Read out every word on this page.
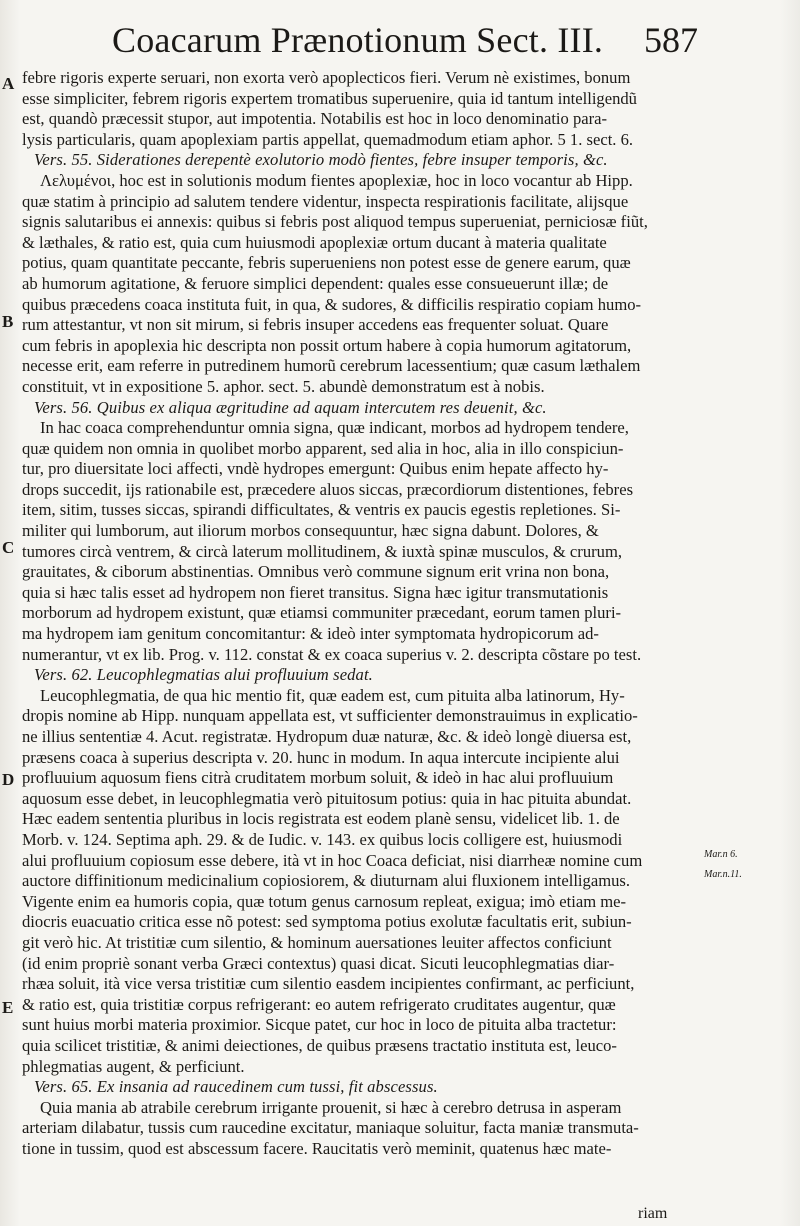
Coacarum Prænotionum Sect. III. 587
A
B
C
D
E
Mar.n 6.
Mar.n.11.
febre rigoris experte seruari, non exorta verò apoplecticos fieri. Verum nè existimes, bonum
esse simpliciter, febrem rigoris expertem tromatibus superuenire, quia id tantum intelligendũ
est, quandò præcessit stupor, aut impotentia. Notabilis est hoc in loco denominatio para-
lysis particularis, quam apoplexiam partis appellat, quemadmodum etiam aphor. 5 1. sect. 6.
Vers. 55. Siderationes derepentè exolutorio modò fientes, febre insuper temporis, &c.
Λελυμένοι, hoc est in solutionis modum fientes apoplexiæ, hoc in loco vocantur ab Hipp.
quæ statim à principio ad salutem tendere videntur, inspecta respirationis facilitate, alijsque
signis salutaribus ei annexis: quibus si febris post aliquod tempus superueniat, perniciosæ fiũt,
& læthales, & ratio est, quia cum huiusmodi apoplexiæ ortum ducant à materia qualitate
potius, quam quantitate peccante, febris superueniens non potest esse de genere earum, quæ
ab humorum agitatione, & feruore simplici dependent: quales esse consueuerunt illæ; de
quibus præcedens coaca instituta fuit, in qua, & sudores, & difficilis respiratio copiam humo-
rum attestantur, vt non sit mirum, si febris insuper accedens eas frequenter soluat. Quare
cum febris in apoplexia hic descripta non possit ortum habere à copia humorum agitatorum,
necesse erit, eam referre in putredinem humorũ cerebrum lacessentium; quæ casum læthalem
constituit, vt in expositione 5. aphor. sect. 5. abundè demonstratum est à nobis.
Vers. 56. Quibus ex aliqua ægritudine ad aquam intercutem res deuenit, &c.
In hac coaca comprehenduntur omnia signa, quæ indicant, morbos ad hydropem tendere,
quæ quidem non omnia in quolibet morbo apparent, sed alia in hoc, alia in illo conspiciun-
tur, pro diuersitate loci affecti, vndè hydropes emergunt: Quibus enim hepate affecto hy-
drops succedit, ijs rationabile est, præcedere aluos siccas, præcordiorum distentiones, febres
item, sitim, tusses siccas, spirandi difficultates, & ventris ex paucis egestis repletiones. Si-
militer qui lumborum, aut iliorum morbos consequuntur, hæc signa dabunt. Dolores, &
tumores circà ventrem, & circà laterum mollitudinem, & iuxtà spinæ musculos, & crurum,
grauitates, & ciborum abstinentias. Omnibus verò commune signum erit vrina non bona,
quia si hæc talis esset ad hydropem non fieret transitus. Signa hæc igitur transmutationis
morborum ad hydropem existunt, quæ etiamsi communiter præcedant, eorum tamen pluri-
ma hydropem iam genitum concomitantur: & ideò inter symptomata hydropicorum ad-
numerantur, vt ex lib. Prog. v. 112. constat & ex coaca superius v. 2. descripta cõstare po test.
Vers. 62. Leucophlegmatias alui profluuium sedat.
Leucophlegmatia, de qua hic mentio fit, quæ eadem est, cum pituita alba latinorum, Hy-
dropis nomine ab Hipp. nunquam appellata est, vt sufficienter demonstrauimus in explicatio-
ne illius sententiæ 4. Acut. registratæ. Hydropum duæ naturæ, &c. & ideò longè diuersa est,
præsens coaca à superius descripta v. 20. hunc in modum. In aqua intercute incipiente alui
profluuium aquosum fiens citrà cruditatem morbum soluit, & ideò in hac alui profluuium
aquosum esse debet, in leucophlegmatia verò pituitosum potius: quia in hac pituita abundat.
Hæc eadem sententia pluribus in locis registrata est eodem planè sensu, videlicet lib. 1. de
Morb. v. 124. Septima aph. 29. & de Iudic. v. 143. ex quibus locis colligere est, huiusmodi
alui profluuium copiosum esse debere, ità vt in hoc Coaca deficiat, nisi diarrheæ nomine cum
auctore diffinitionum medicinalium copiosiorem, & diuturnam alui fluxionem intelligamus.
Vigente enim ea humoris copia, quæ totum genus carnosum repleat, exigua; imò etiam me-
diocris euacuatio critica esse nõ potest: sed symptoma potius exolutæ facultatis erit, subiun-
git verò hic. At tristitiæ cum silentio, & hominum auersationes leuiter affectos conficiunt
(id enim propriè sonant verba Græci contextus) quasi dicat. Sicuti leucophlegmatias diar-
rhæa soluit, ità vice versa tristitiæ cum silentio easdem incipientes confirmant, ac perficiunt,
& ratio est, quia tristitiæ corpus refrigerant: eo autem refrigerato cruditates augentur, quæ
sunt huius morbi materia proximior. Sicque patet, cur hoc in loco de pituita alba tractetur:
quia scilicet tristitiæ, & animi deiectiones, de quibus præsens tractatio instituta est, leuco-
phlegmatias augent, & perficiunt.
Vers. 65. Ex insania ad raucedinem cum tussi, fit abscessus.
Quia mania ab atrabile cerebrum irrigante prouenit, si hæc à cerebro detrusa in asperam
arteriam dilabatur, tussis cum raucedine excitatur, maniaque soluitur, facta maniæ transmuta-
tione in tussim, quod est abscessum facere. Raucitatis verò meminit, quatenus hæc mate-
riam
